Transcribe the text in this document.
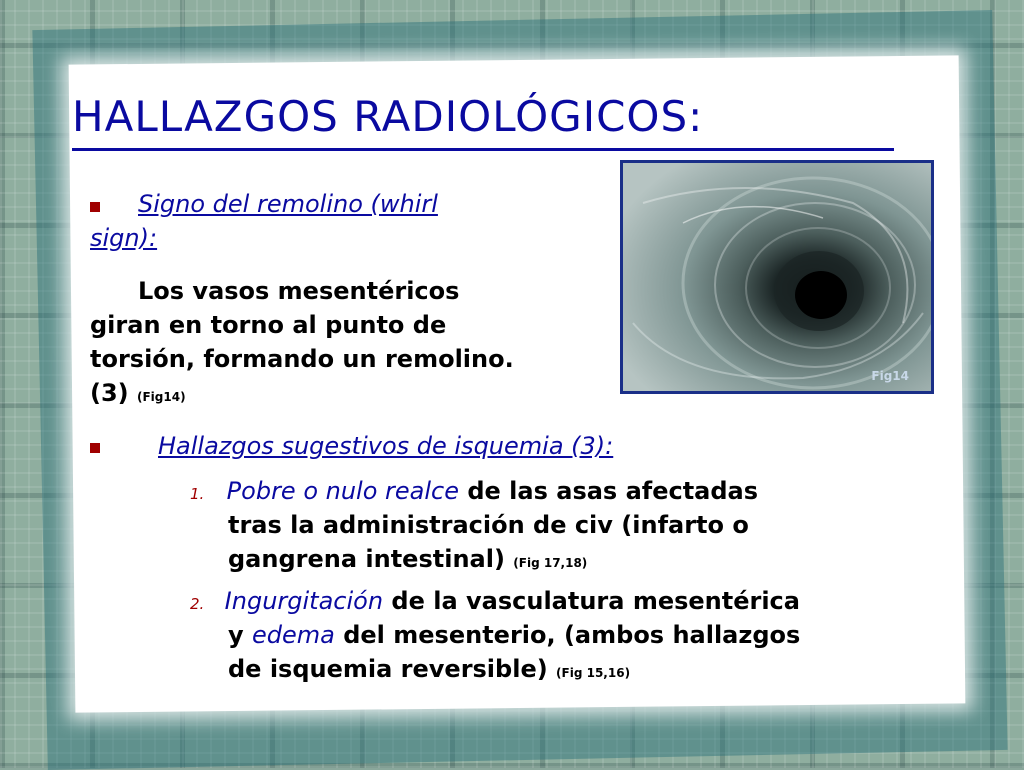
HALLAZGOS RADIOLÓGICOS:
Signo del remolino (whirl
sign):
Los vasos mesentéricos
giran en torno al punto de
torsión, formando un remolino.
(3) (Fig14)
Fig14
Hallazgos sugestivos de isquemia (3):
1. Pobre o nulo realce de las asas afectadas
tras la administración de civ (infarto o
gangrena intestinal) (Fig 17,18)
2. Ingurgitación de la vasculatura mesentérica
y edema del mesenterio, (ambos hallazgos
de isquemia reversible) (Fig 15,16)
